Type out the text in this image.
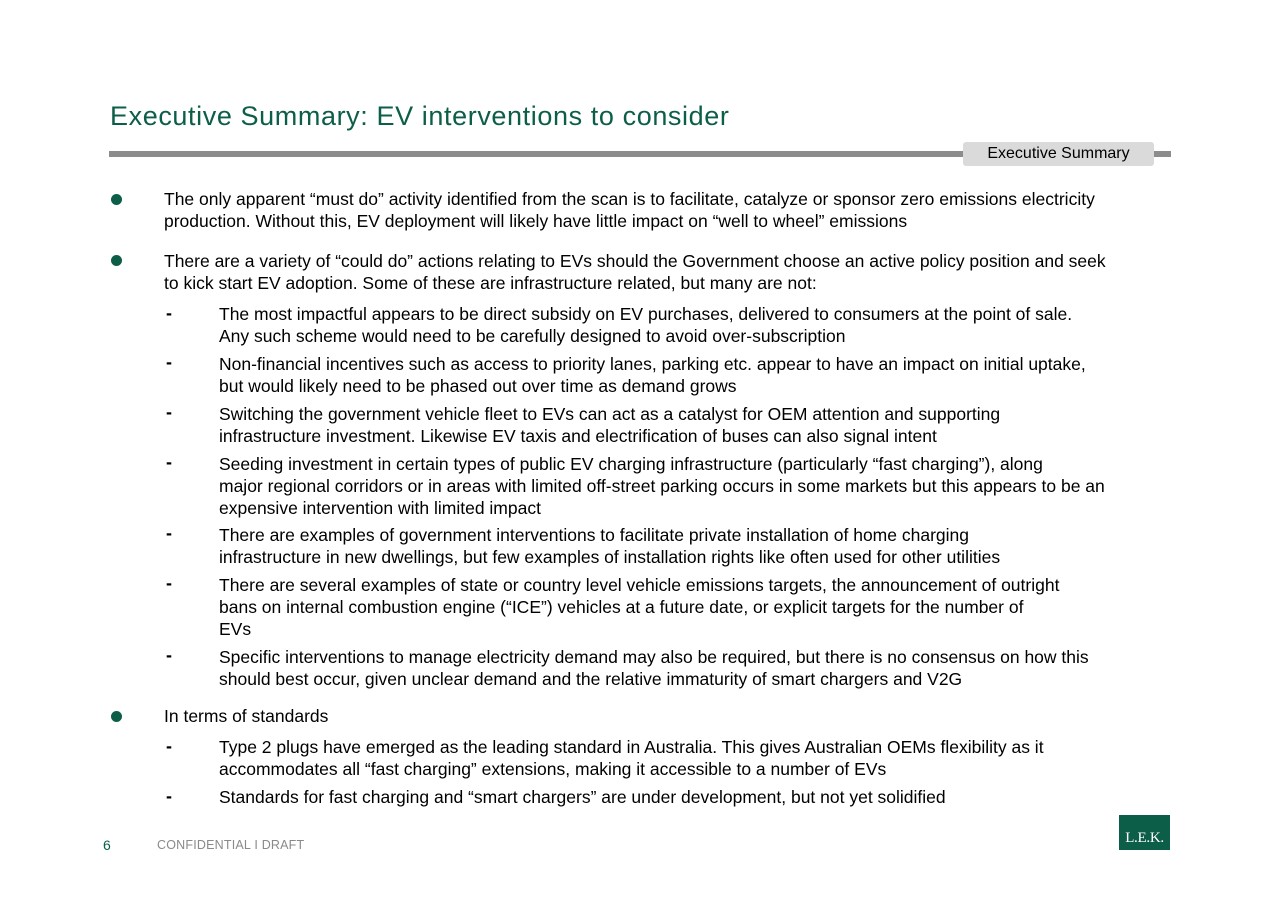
Executive Summary: EV interventions to consider
Executive Summary
The only apparent “must do” activity identified from the scan is to facilitate, catalyze or sponsor zero emissions electricity
production. Without this, EV deployment will likely have little impact on “well to wheel” emissions
There are a variety of “could do” actions relating to EVs should the Government choose an active policy position and seek
to kick start EV adoption. Some of these are infrastructure related, but many are not:
-	The most impactful appears to be direct subsidy on EV purchases, delivered to consumers at the point of sale.
Any such scheme would need to be carefully designed to avoid over-subscription
-	Non-financial incentives such as access to priority lanes, parking etc. appear to have an impact on initial uptake,
but would likely need to be phased out over time as demand grows
-	Switching the government vehicle fleet to EVs can act as a catalyst for OEM attention and supporting
infrastructure investment. Likewise EV taxis and electrification of buses can also signal intent
-	Seeding investment in certain types of public EV charging infrastructure (particularly “fast charging”), along
major regional corridors or in areas with limited off-street parking occurs in some markets but this appears to be an
expensive intervention with limited impact
-	There are examples of government interventions to facilitate private installation of home charging
infrastructure in new dwellings, but few examples of installation rights like often used for other utilities
-	There are several examples of state or country level vehicle emissions targets, the announcement of outright
bans on internal combustion engine (“ICE”) vehicles at a future date, or explicit targets for the number of
EVs
-	Specific interventions to manage electricity demand may also be required, but there is no consensus on how this
should best occur, given unclear demand and the relative immaturity of smart chargers and V2G
In terms of standards
-	Type 2 plugs have emerged as the leading standard in Australia. This gives Australian OEMs flexibility as it
accommodates all “fast charging” extensions, making it accessible to a number of EVs
-	Standards for fast charging and “smart chargers” are under development, but not yet solidified
6	CONFIDENTIAL I DRAFT	L.E.K.
